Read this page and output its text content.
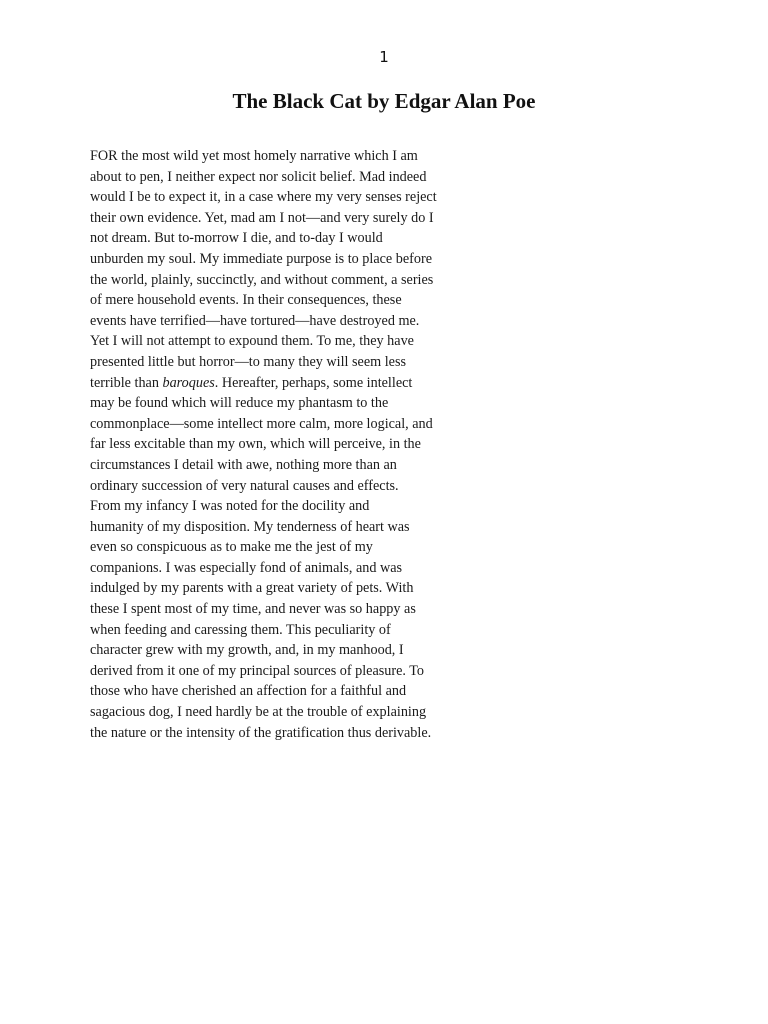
1
The Black Cat by Edgar Alan Poe
FOR the most wild yet most homely narrative which I am
about to pen, I neither expect nor solicit belief. Mad indeed
would I be to expect it, in a case where my very senses reject
their own evidence. Yet, mad am I not—and very surely do I
not dream. But to-morrow I die, and to-day I would
unburden my soul. My immediate purpose is to place before
the world, plainly, succinctly, and without comment, a series
of mere household events. In their consequences, these
events have terrified—have tortured—have destroyed me.
Yet I will not attempt to expound them. To me, they have
presented little but horror—to many they will seem less
terrible than baroques. Hereafter, perhaps, some intellect
may be found which will reduce my phantasm to the
commonplace—some intellect more calm, more logical, and
far less excitable than my own, which will perceive, in the
circumstances I detail with awe, nothing more than an
ordinary succession of very natural causes and effects.
From my infancy I was noted for the docility and
humanity of my disposition. My tenderness of heart was
even so conspicuous as to make me the jest of my
companions. I was especially fond of animals, and was
indulged by my parents with a great variety of pets. With
these I spent most of my time, and never was so happy as
when feeding and caressing them. This peculiarity of
character grew with my growth, and, in my manhood, I
derived from it one of my principal sources of pleasure. To
those who have cherished an affection for a faithful and
sagacious dog, I need hardly be at the trouble of explaining
the nature or the intensity of the gratification thus derivable.
